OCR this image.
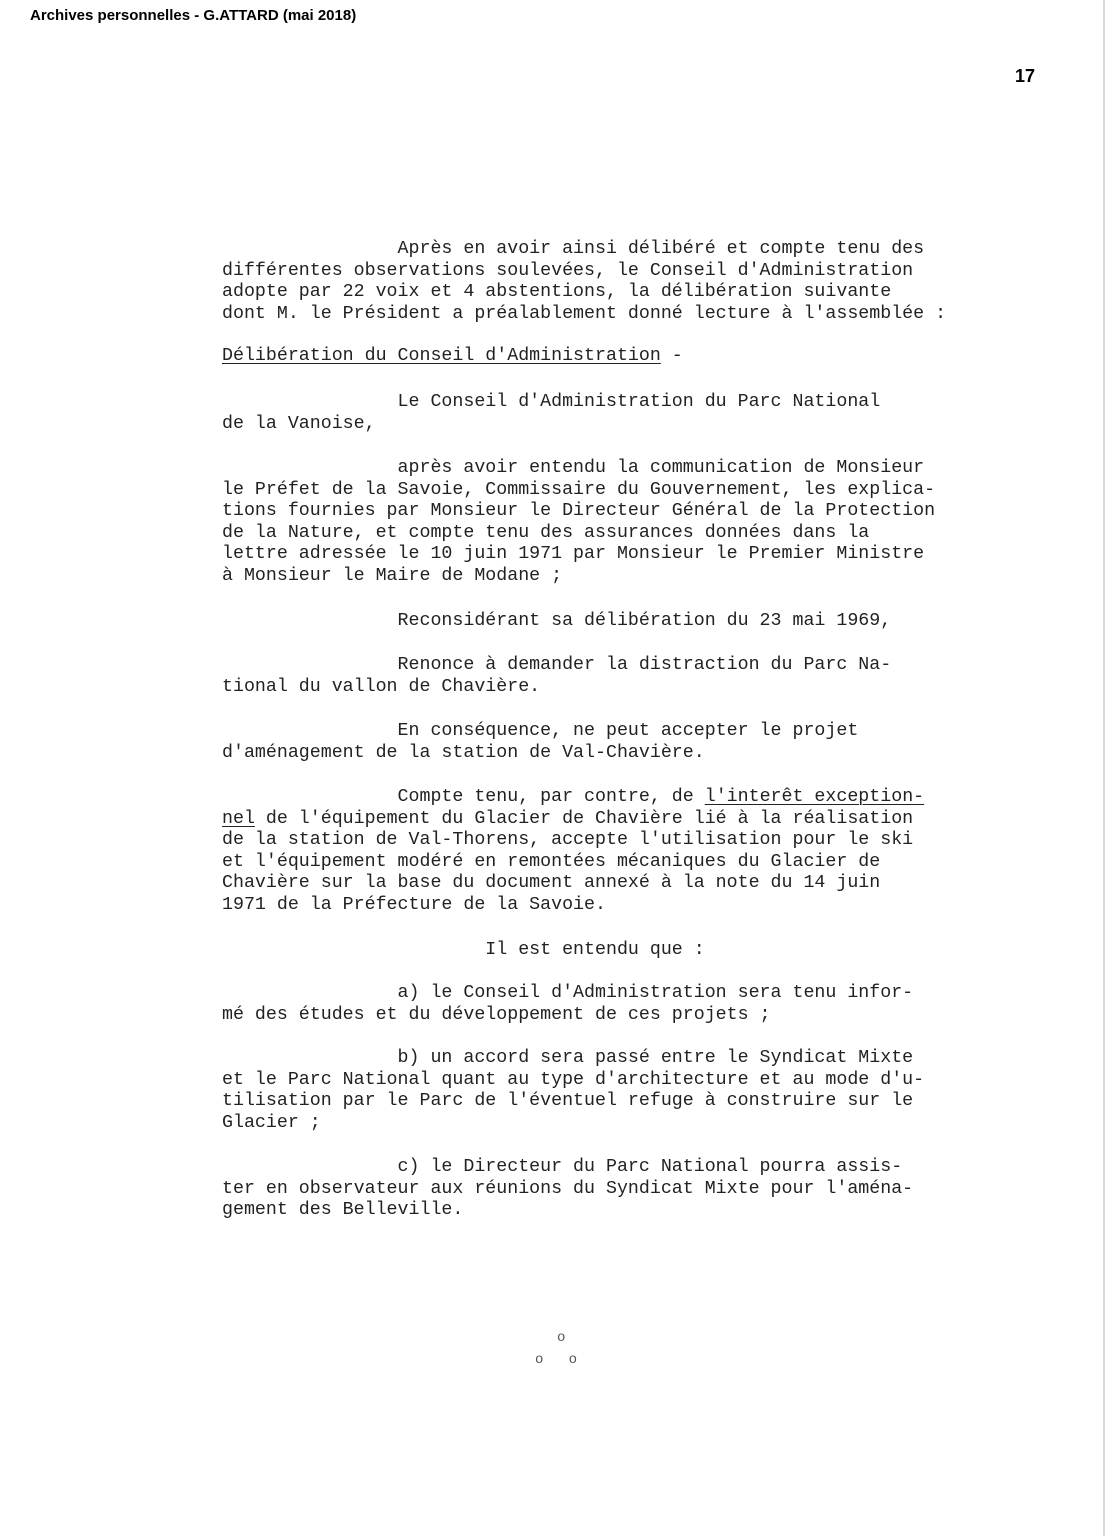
Archives personnelles - G.ATTARD (mai 2018)
17
Après en avoir ainsi délibéré et compte tenu des
différentes observations soulevées, le Conseil d'Administration
adopte par 22 voix et 4 abstentions, la délibération suivante
dont M. le Président a préalablement donné lecture à l'assemblée :
Délibération du Conseil d'Administration -
Le Conseil d'Administration du Parc National
de la Vanoise,
après avoir entendu la communication de Monsieur
le Préfet de la Savoie, Commissaire du Gouvernement, les explica-
tions fournies par Monsieur le Directeur Général de la Protection
de la Nature, et compte tenu des assurances données dans la
lettre adressée le 10 juin 1971 par Monsieur le Premier Ministre
à Monsieur le Maire de Modane ;
Reconsidérant sa délibération du 23 mai 1969,
Renonce à demander la distraction du Parc Na-
tional du vallon de Chavière.
En conséquence, ne peut accepter le projet
d'aménagement de la station de Val-Chavière.
Compte tenu, par contre, de l'interêt exception-
nel de l'équipement du Glacier de Chavière lié à la réalisation
de la station de Val-Thorens, accepte l'utilisation pour le ski
et l'équipement modéré en remontées mécaniques du Glacier de
Chavière sur la base du document annexé à la note du 14 juin
1971 de la Préfecture de la Savoie.
Il est entendu que :
a) le Conseil d'Administration sera tenu infor-
mé des études et du développement de ces projets ;
b) un accord sera passé entre le Syndicat Mixte
et le Parc National quant au type d'architecture et au mode d'u-
tilisation par le Parc de l'éventuel refuge à construire sur le
Glacier ;
c) le Directeur du Parc National pourra assis-
ter en observateur aux réunions du Syndicat Mixte pour l'aména-
gement des Belleville.
o
o   o
